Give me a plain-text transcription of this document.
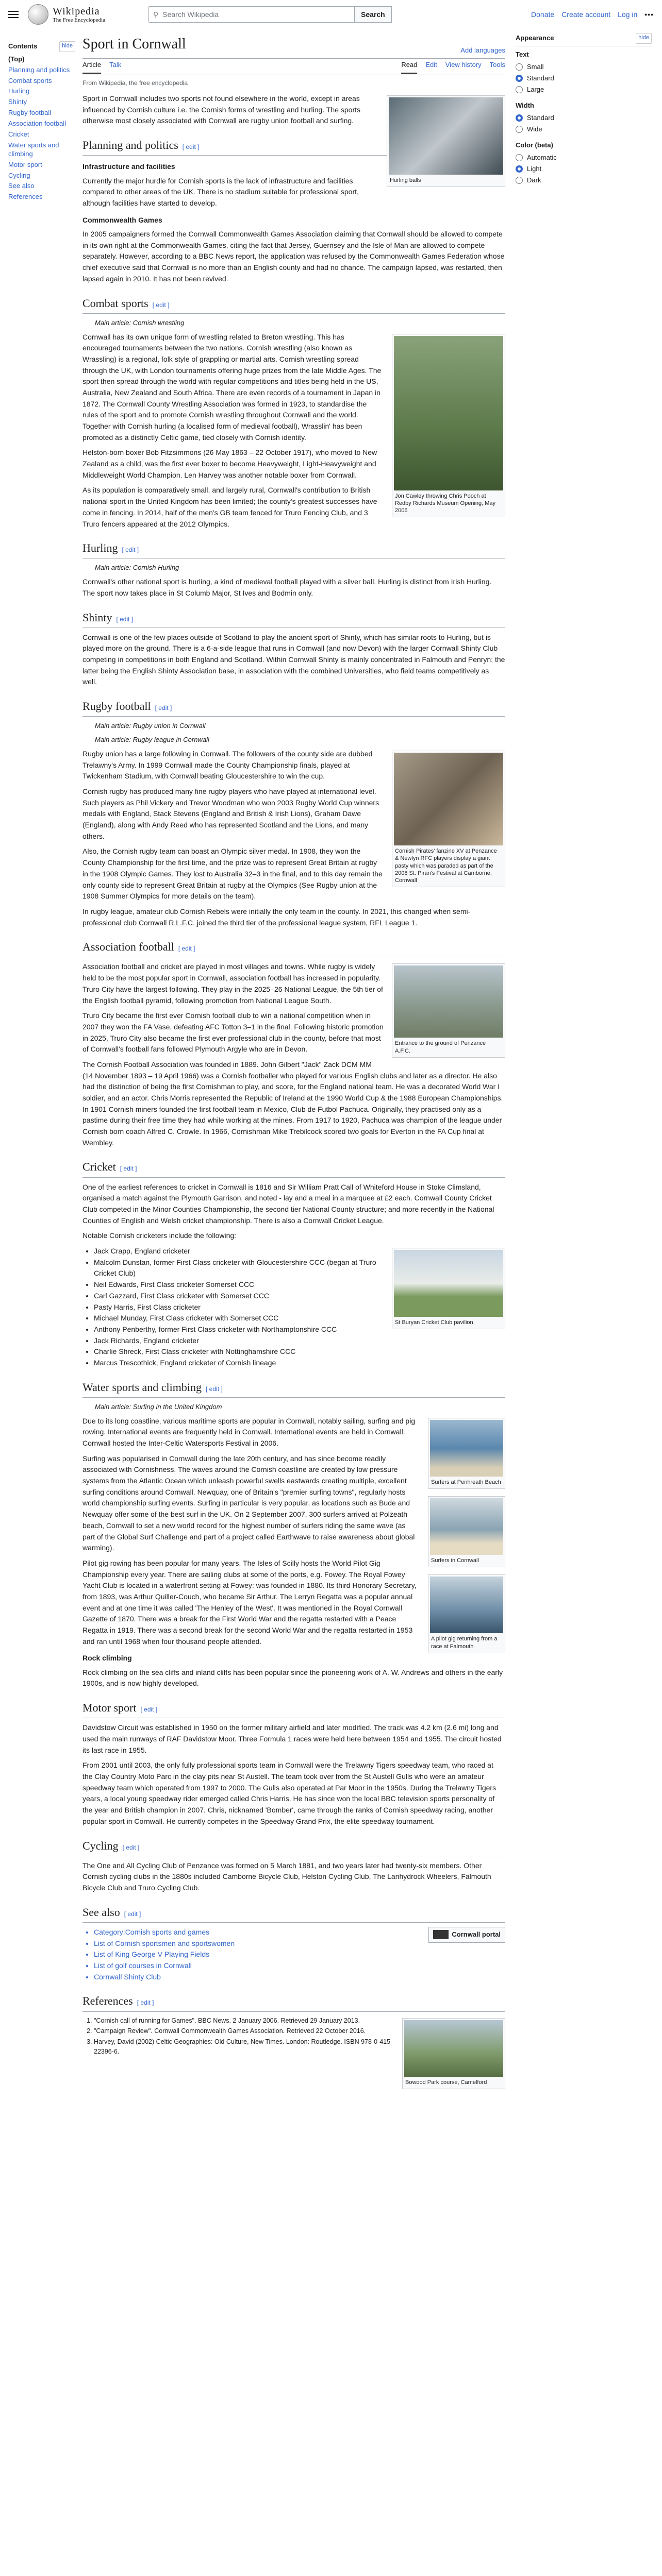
Wikipedia
The Free Encyclopedia
⚲ Search Wikipedia	Search	Donate Create account Log in •••
Contents	hide
(Top)
Planning and politics
Combat sports
Hurling
Shinty
Rugby football
Association football
Cricket
Water sports and climbing
Motor sport
Cycling
See also
References
Appearance	hide
Text
Small
Standard
Large
Width
Standard
Wide
Color (beta)
Automatic
Light
Dark
Sport in Cornwall	Add languages
Article Talk	Read Edit View history Tools
From Wikipedia, the free encyclopedia
Hurling balls

Sport in Cornwall includes two sports not found elsewhere in the world, except in areas influenced by Cornish culture i.e. the Cornish forms of wrestling and hurling. The sports otherwise most closely associated with Cornwall are rugby union football and surfing.

Planning and politics [ edit ]
Infrastructure and facilities

Currently the major hurdle for Cornish sports is the lack of infrastructure and facilities compared to other areas of the UK. There is no stadium suitable for professional sport, although facilities have started to develop.

Commonwealth Games

In 2005 campaigners formed the Cornwall Commonwealth Games Association claiming that Cornwall should be allowed to compete in its own right at the Commonwealth Games, citing the fact that Jersey, Guernsey and the Isle of Man are allowed to compete separately. However, according to a BBC News report, the application was refused by the Commonwealth Games Federation whose chief executive said that Cornwall is no more than an English county and had no chance. The campaign lapsed, was restarted, then lapsed again in 2010. It has not been revived.

Combat sports [ edit ]
Main article: Cornish wrestling
Jon Cawley throwing Chris Pooch at Redby Richards Museum Opening, May 2006

Cornwall has its own unique form of wrestling related to Breton wrestling. This has encouraged tournaments between the two nations. Cornish wrestling (also known as Wrassling) is a regional, folk style of grappling or martial arts. Cornish wrestling spread through the UK, with London tournaments offering huge prizes from the late Middle Ages. The sport then spread through the world with regular competitions and titles being held in the US, Australia, New Zealand and South Africa. There are even records of a tournament in Japan in 1872. The Cornwall County Wrestling Association was formed in 1923, to standardise the rules of the sport and to promote Cornish wrestling throughout Cornwall and the world. Together with Cornish hurling (a localised form of medieval football), Wrasslin' has been promoted as a distinctly Celtic game, tied closely with Cornish identity.

Helston-born boxer Bob Fitzsimmons (26 May 1863 – 22 October 1917), who moved to New Zealand as a child, was the first ever boxer to become Heavyweight, Light-Heavyweight and Middleweight World Champion. Len Harvey was another notable boxer from Cornwall.

As its population is comparatively small, and largely rural, Cornwall's contribution to British national sport in the United Kingdom has been limited; the county's greatest successes have come in fencing. In 2014, half of the men's GB team fenced for Truro Fencing Club, and 3 Truro fencers appeared at the 2012 Olympics.

Hurling [ edit ]
Main article: Cornish Hurling

Cornwall's other national sport is hurling, a kind of medieval football played with a silver ball. Hurling is distinct from Irish Hurling. The sport now takes place in St Columb Major, St Ives and Bodmin only.

Shinty [ edit ]

Cornwall is one of the few places outside of Scotland to play the ancient sport of Shinty, which has similar roots to Hurling, but is played more on the ground. There is a 6-a-side league that runs in Cornwall (and now Devon) with the larger Cornwall Shinty Club competing in competitions in both England and Scotland. Within Cornwall Shinty is mainly concentrated in Falmouth and Penryn; the latter being the English Shinty Association base, in association with the combined Universities, who field teams competitively as well.

Rugby football [ edit ]
Main article: Rugby union in Cornwall
Main article: Rugby league in Cornwall
Cornish Pirates' fanzine XV at Penzance & Newlyn RFC players display a giant pasty which was paraded as part of the 2008 St. Piran's Festival at Camborne, Cornwall

Rugby union has a large following in Cornwall. The followers of the county side are dubbed Trelawny's Army. In 1999 Cornwall made the County Championship finals, played at Twickenham Stadium, with Cornwall beating Gloucestershire to win the cup.

Cornish rugby has produced many fine rugby players who have played at international level. Such players as Phil Vickery and Trevor Woodman who won 2003 Rugby World Cup winners medals with England, Stack Stevens (England and British & Irish Lions), Graham Dawe (England), along with Andy Reed who has represented Scotland and the Lions, and many others.

Also, the Cornish rugby team can boast an Olympic silver medal. In 1908, they won the County Championship for the first time, and the prize was to represent Great Britain at rugby in the 1908 Olympic Games. They lost to Australia 32–3 in the final, and to this day remain the only county side to represent Great Britain at rugby at the Olympics (See Rugby union at the 1908 Summer Olympics for more details on the team).

In rugby league, amateur club Cornish Rebels were initially the only team in the county. In 2021, this changed when semi-professional club Cornwall R.L.F.C. joined the third tier of the professional league system, RFL League 1.

Association football [ edit ]
Entrance to the ground of Penzance A.F.C.

Association football and cricket are played in most villages and towns. While rugby is widely held to be the most popular sport in Cornwall, association football has increased in popularity. Truro City have the largest following. They play in the 2025–26 National League, the 5th tier of the English football pyramid, following promotion from National League South.

Truro City became the first ever Cornish football club to win a national competition when in 2007 they won the FA Vase, defeating AFC Totton 3–1 in the final. Following historic promotion in 2025, Truro City also became the first ever professional club in the county, before that most of Cornwall's football fans followed Plymouth Argyle who are in Devon.

The Cornish Football Association was founded in 1889. John Gilbert "Jack" Zack DCM MM (14 November 1893 – 19 April 1966) was a Cornish footballer who played for various English clubs and later as a director. He also had the distinction of being the first Cornishman to play, and score, for the England national team. He was a decorated World War I soldier, and an actor. Chris Morris represented the Republic of Ireland at the 1990 World Cup & the 1988 European Championships. In 1901 Cornish miners founded the first football team in Mexico, Club de Futbol Pachuca. Originally, they practised only as a pastime during their free time they had while working at the mines. From 1917 to 1920, Pachuca was champion of the league under Cornish born coach Alfred C. Crowle. In 1966, Cornishman Mike Trebilcock scored two goals for Everton in the FA Cup final at Wembley.

Cricket [ edit ]

One of the earliest references to cricket in Cornwall is 1816 and Sir William Pratt Call of Whiteford House in Stoke Climsland, organised a match against the Plymouth Garrison, and noted - lay and a meal in a marquee at £2 each. Cornwall County Cricket Club competed in the Minor Counties Championship, the second tier National County structure; and more recently in the National Counties of English and Welsh cricket championship. There is also a Cornwall Cricket League.

Notable Cornish cricketers include the following:

St Buryan Cricket Club pavilion
• Jack Crapp, England cricketer
• Malcolm Dunstan, former First Class cricketer with Gloucestershire CCC (began at Truro Cricket Club)
• Neil Edwards, First Class cricketer Somerset CCC
• Carl Gazzard, First Class cricketer with Somerset CCC
• Pasty Harris, First Class cricketer
• Michael Munday, First Class cricketer with Somerset CCC
• Anthony Penberthy, former First Class cricketer with Northamptonshire CCC
• Jack Richards, England cricketer
• Charlie Shreck, First Class cricketer with Nottinghamshire CCC
• Marcus Trescothick, England cricketer of Cornish lineage
Water sports and climbing [ edit ]
Main article: Surfing in the United Kingdom
Surfers at Penhreath Beach

Due to its long coastline, various maritime sports are popular in Cornwall, notably sailing, surfing and pig rowing. International events are frequently held in Cornwall. International events are held in Cornwall. Cornwall hosted the Inter-Celtic Watersports Festival in 2006.

Surfers in Cornwall

Surfing was popularised in Cornwall during the late 20th century, and has since become readily associated with Cornishness. The waves around the Cornish coastline are created by low pressure systems from the Atlantic Ocean which unleash powerful swells eastwards creating multiple, excellent surfing conditions around Cornwall. Newquay, one of Britain's "premier surfing towns", regularly hosts world championship surfing events. Surfing in particular is very popular, as locations such as Bude and Newquay offer some of the best surf in the UK. On 2 September 2007, 300 surfers arrived at Polzeath beach, Cornwall to set a new world record for the highest number of surfers riding the same wave (as part of the Global Surf Challenge and part of a project called Earthwave to raise awareness about global warming).

A pilot gig returning from a race at Falmouth

Pilot gig rowing has been popular for many years. The Isles of Scilly hosts the World Pilot Gig Championship every year. There are sailing clubs at some of the ports, e.g. Fowey. The Royal Fowey Yacht Club is located in a waterfront setting at Fowey: was founded in 1880. Its third Honorary Secretary, from 1893, was Arthur Quiller-Couch, who became Sir Arthur. The Lerryn Regatta was a popular annual event and at one time it was called 'The Henley of the West'. It was mentioned in the Royal Cornwall Gazette of 1870. There was a break for the First World War and the regatta restarted with a Peace Regatta in 1919. There was a second break for the second World War and the regatta restarted in 1953 and ran until 1968 when four thousand people attended.

Rock climbing

Rock climbing on the sea cliffs and inland cliffs has been popular since the pioneering work of A. W. Andrews and others in the early 1900s, and is now highly developed.

Motor sport [ edit ]

Davidstow Circuit was established in 1950 on the former military airfield and later modified. The track was 4.2 km (2.6 mi) long and used the main runways of RAF Davidstow Moor. Three Formula 1 races were held here between 1954 and 1955. The circuit hosted its last race in 1955.

From 2001 until 2003, the only fully professional sports team in Cornwall were the Trelawny Tigers speedway team, who raced at the Clay Country Moto Parc in the clay pits near St Austell. The team took over from the St Austell Gulls who were an amateur speedway team which operated from 1997 to 2000. The Gulls also operated at Par Moor in the 1950s. During the Trelawny Tigers years, a local young speedway rider emerged called Chris Harris. He has since won the local BBC television sports personality of the year and British champion in 2007. Chris, nicknamed 'Bomber', came through the ranks of Cornish speedway racing, another popular sport in Cornwall. He currently competes in the Speedway Grand Prix, the elite speedway tournament.

Cycling [ edit ]

The One and All Cycling Club of Penzance was formed on 5 March 1881, and two years later had twenty-six members. Other Cornish cycling clubs in the 1880s included Camborne Bicycle Club, Helston Cycling Club, The Lanhydrock Wheelers, Falmouth Bicycle Club and Truro Cycling Club.

See also [ edit ]
Cornwall portal
• Category:Cornish sports and games
• List of Cornish sportsmen and sportswomen
• List of King George V Playing Fields
• List of golf courses in Cornwall
• Cornwall Shinty Club
References [ edit ]
Bowood Park course, Camelford
1. "Cornish call of running for Games". BBC News. 2 January 2006. Retrieved 29 January 2013.
2. "Campaign Review". Cornwall Commonwealth Games Association. Retrieved 22 October 2016.
3. Harvey, David (2002) Celtic Geographies: Old Culture, New Times. London: Routledge. ISBN 978-0-415-22396-6.
